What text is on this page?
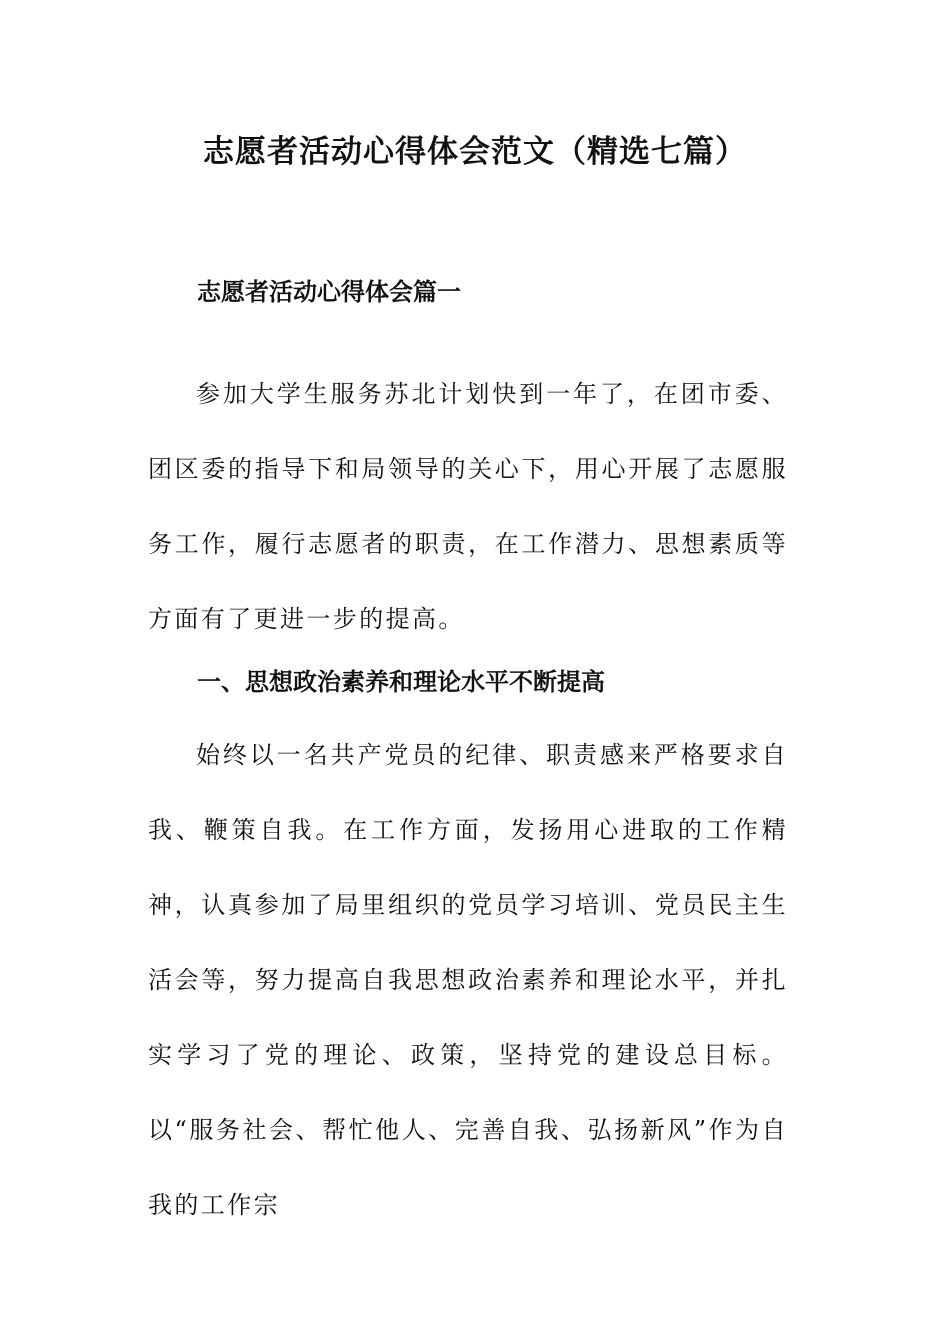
志愿者活动心得体会范文（精选七篇）
志愿者活动心得体会篇一

参加大学生服务苏北计划快到一年了，在团市委、团区委的指导下和局领导的关心下，用心开展了志愿服务工作，履行志愿者的职责，在工作潜力、思想素质等方面有了更进一步的提高。

一、思想政治素养和理论水平不断提高

始终以一名共产党员的纪律、职责感来严格要求自我、鞭策自我。在工作方面，发扬用心进取的工作精神，认真参加了局里组织的党员学习培训、党员民主生活会等，努力提高自我思想政治素养和理论水平，并扎实学习了党的理论、政策，坚持党的建设总目标。以“服务社会、帮忙他人、完善自我、弘扬新风”作为自我的工作宗
